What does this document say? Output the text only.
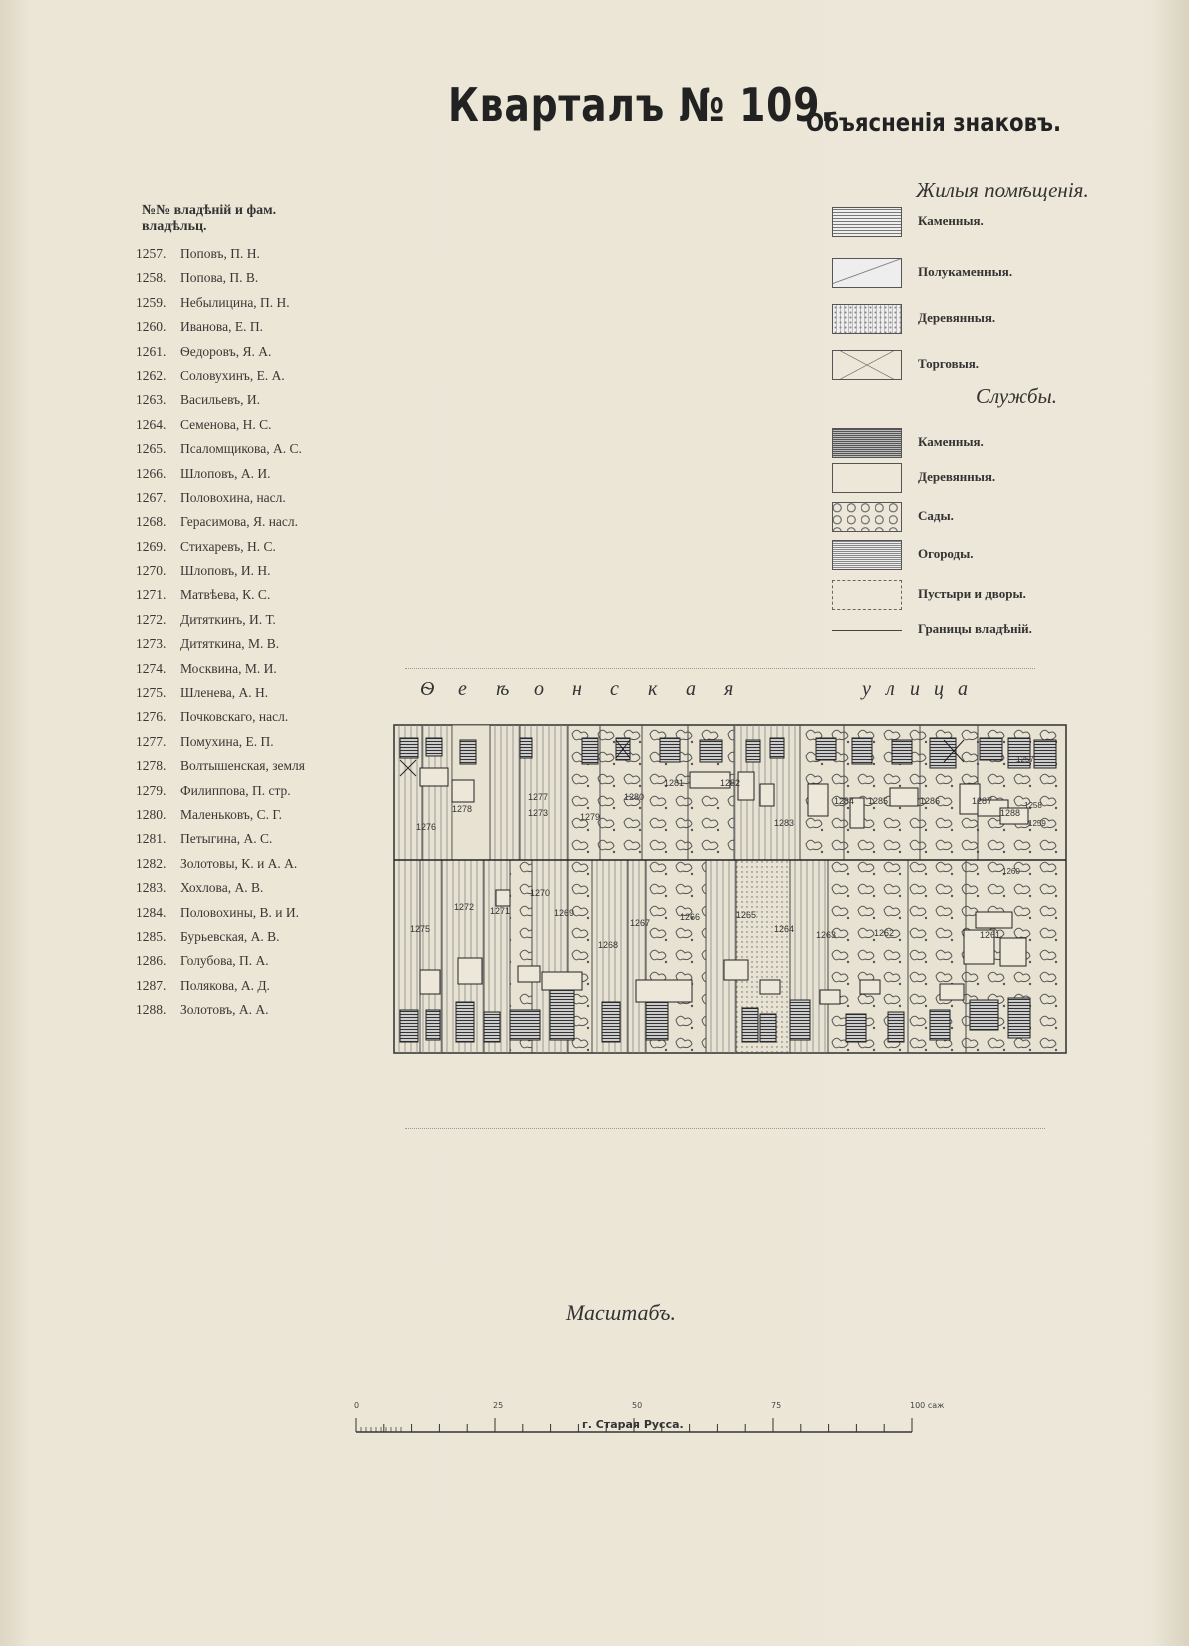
Кварталъ № 109.
Объясненія знаковъ.
№№ владѣній и фам. владѣльц.
1257. Поповъ, П. Н.
1258. Попова, П. В.
1259. Небылицина, П. Н.
1260. Иванова, Е. П.
1261. Ѳедоровъ, Я. А.
1262. Соловухинъ, Е. А.
1263. Васильевъ, И.
1264. Семенова, Н. С.
1265. Псаломщикова, А. С.
1266. Шлоповъ, А. И.
1267. Половохина, насл.
1268. Герасимова, Я. насл.
1269. Стихаревъ, Н. С.
1270. Шлоповъ, И. Н.
1271. Матвѣева, К. С.
1272. Дитяткинъ, И. Т.
1273. Дитяткина, М. В.
1274. Москвина, М. И.
1275. Шленева, А. Н.
1276. Почковскаго, насл.
1277. Помухина, Е. П.
1278. Волтышенская, земля
1279. Филиппова, П. стр.
1280. Маленьковъ, С. Г.
1281. Петыгина, А. С.
1282. Золотовы, К. и А. А.
1283. Хохлова, А. В.
1284. Половохины, В. и И.
1285. Бурьевская, А. В.
1286. Голубова, П. А.
1287. Полякова, А. Д.
1288. Золотовъ, А. А.
Жилыя помѣщенія.
Каменныя.
Полукаменныя.
Деревянныя.
Торговыя.
Службы.
Каменныя.
Деревянныя.
Сады.
Огороды.
Пустыри и дворы.
Границы владѣній.
1276
1278
1277
1273	1279
1280
1281	1282
1283
1284 1285	1286	1287
1288
1275
1272 1271
1270
1269
1268
1267
1266	1265
1264
1263	1262	1261
1257
1258
1259
1260
Масштабъ.
0	25	50	75	100 саж
г. Старая Русса.
Ѳ е ѣ о н с к а я	у л и ц а
